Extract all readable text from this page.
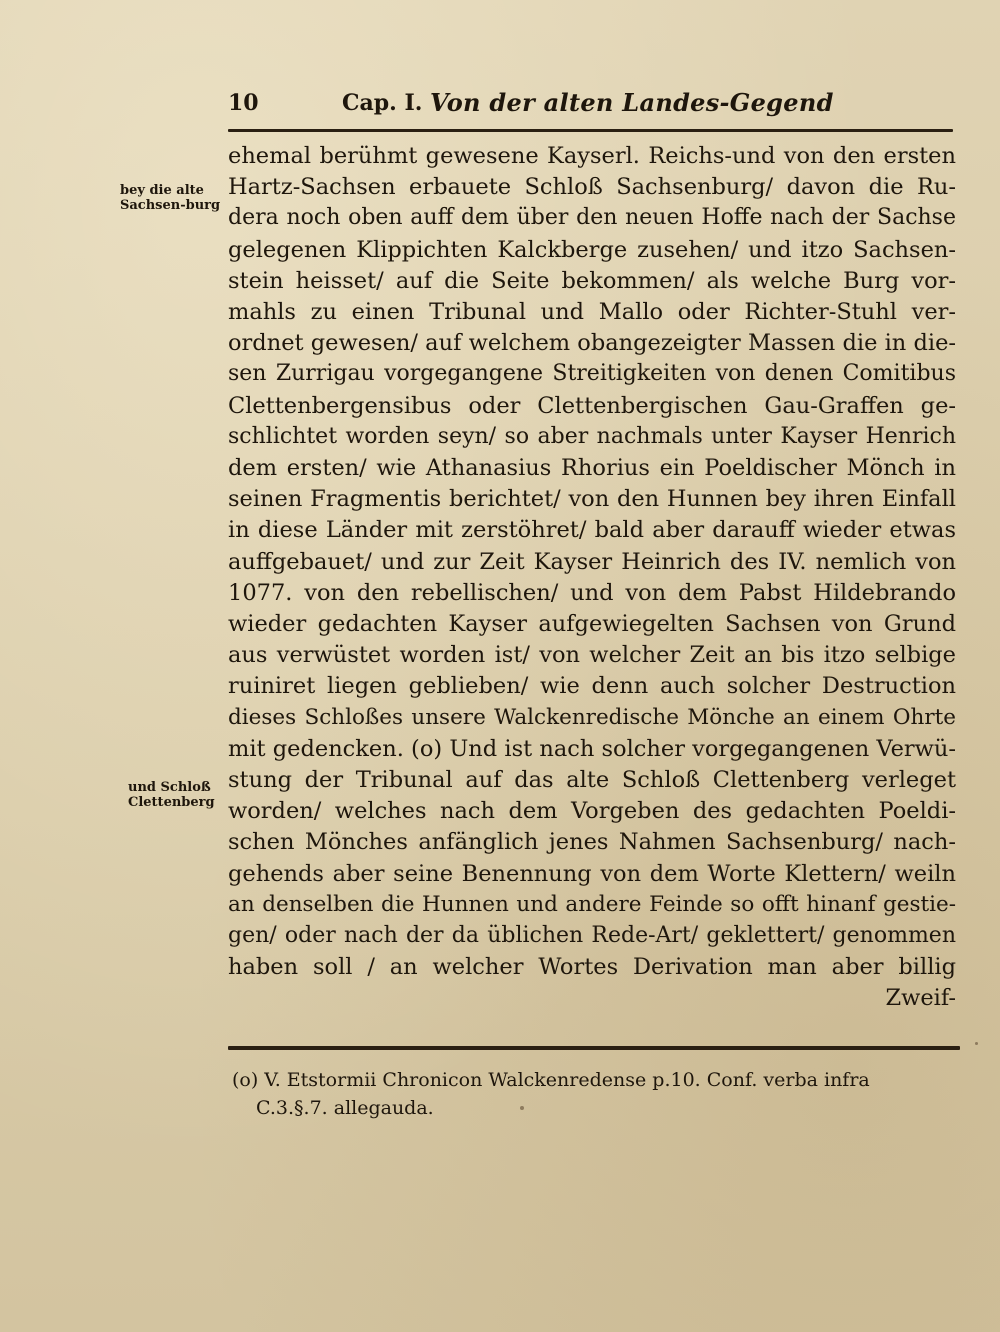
10	Cap. I. Von der alten Landes-Gegend
bey die alte Sachsen-burg
und Schloß Clettenberg
ehemal berühmt gewesene Kayserl. Reichs-und von den ersten
Hartz-Sachsen erbauete Schloß Sachsenburg/ davon die Ru-
dera noch oben auff dem über den neuen Hoffe nach der Sachse
gelegenen Klippichten Kalckberge zusehen/ und itzo Sachsen-
stein heisset/ auf die Seite bekommen/ als welche Burg vor-
mahls zu einen Tribunal und Mallo oder Richter-Stuhl ver-
ordnet gewesen/ auf welchem obangezeigter Massen die in die-
sen Zurrigau vorgegangene Streitigkeiten von denen Comitibus
Clettenbergensibus oder Clettenbergischen Gau-Graffen ge-
schlichtet worden seyn/ so aber nachmals unter Kayser Henrich
dem ersten/ wie Athanasius Rhorius ein Poeldischer Mönch in
seinen Fragmentis berichtet/ von den Hunnen bey ihren Einfall
in diese Länder mit zerstöhret/ bald aber darauff wieder etwas
auffgebauet/ und zur Zeit Kayser Heinrich des IV. nemlich von
1077. von den rebellischen/ und von dem Pabst Hildebrando
wieder gedachten Kayser aufgewiegelten Sachsen von Grund
aus verwüstet worden ist/ von welcher Zeit an bis itzo selbige
ruiniret liegen geblieben/ wie denn auch solcher Destruction
dieses Schloßes unsere Walckenredische Mönche an einem Ohrte
mit gedencken. (o) Und ist nach solcher vorgegangenen Verwü-
stung der Tribunal auf das alte Schloß Clettenberg verleget
worden/ welches nach dem Vorgeben des gedachten Poeldi-
schen Mönches anfänglich jenes Nahmen Sachsenburg/ nach-
gehends aber seine Benennung von dem Worte Klettern/ weiln
an denselben die Hunnen und andere Feinde so offt hinanf gestie-
gen/ oder nach der da üblichen Rede-Art/ geklettert/ genommen
haben soll / an welcher Wortes Derivation man aber billig
Zweif-
(o) V. Etstormii Chronicon Walckenredense p.10. Conf. verba infra
C.3.§.7. allegauda.
